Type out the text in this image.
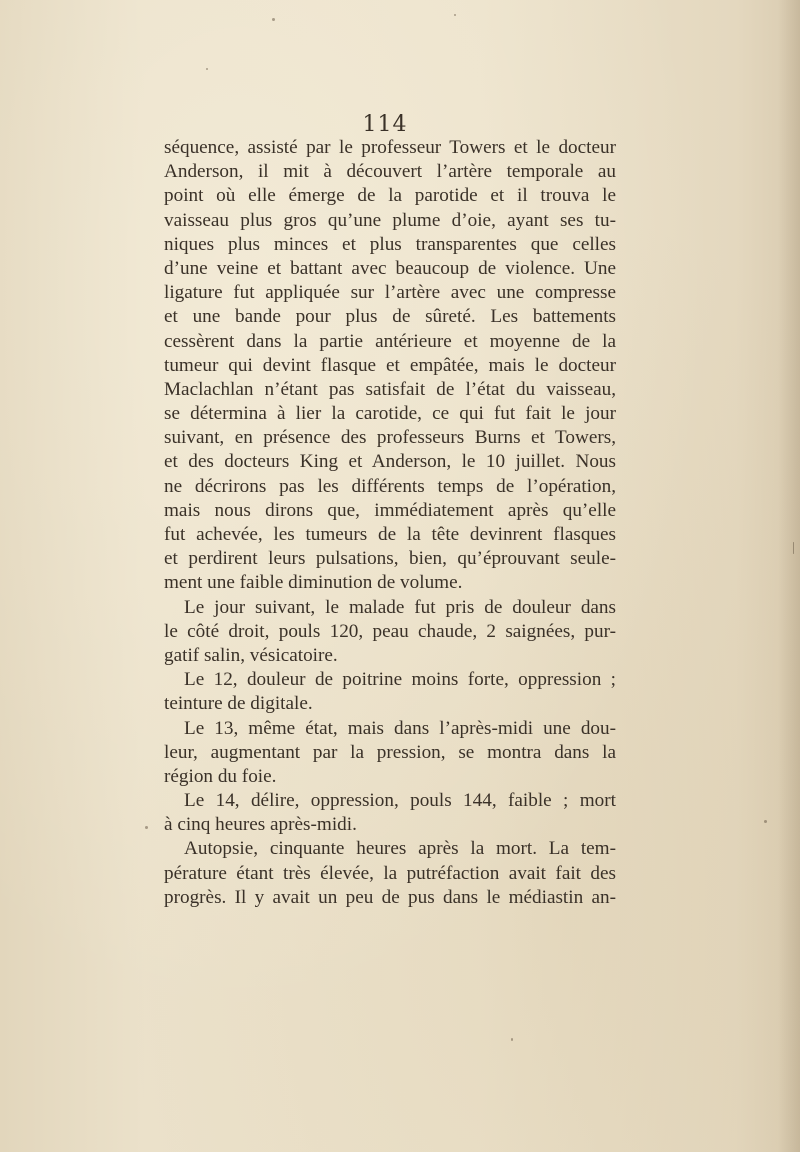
114
séquence, assisté par le professeur Towers et le docteur
Anderson, il mit à découvert l’artère temporale au
point où elle émerge de la parotide et il trouva le
vaisseau plus gros qu’une plume d’oie, ayant ses tu-
niques plus minces et plus transparentes que celles
d’une veine et battant avec beaucoup de violence. Une
ligature fut appliquée sur l’artère avec une compresse
et une bande pour plus de sûreté. Les battements
cessèrent dans la partie antérieure et moyenne de la
tumeur qui devint flasque et empâtée, mais le docteur
Maclachlan n’étant pas satisfait de l’état du vaisseau,
se détermina à lier la carotide, ce qui fut fait le jour
suivant, en présence des professeurs Burns et Towers,
et des docteurs King et Anderson, le 10 juillet. Nous
ne décrirons pas les différents temps de l’opération,
mais nous dirons que, immédiatement après qu’elle
fut achevée, les tumeurs de la tête devinrent flasques
et perdirent leurs pulsations, bien, qu’éprouvant seule-
ment une faible diminution de volume.
Le jour suivant, le malade fut pris de douleur dans
le côté droit, pouls 120, peau chaude, 2 saignées, pur-
gatif salin, vésicatoire.
Le 12, douleur de poitrine moins forte, oppression ;
teinture de digitale.
Le 13, même état, mais dans l’après-midi une dou-
leur, augmentant par la pression, se montra dans la
région du foie.
Le 14, délire, oppression, pouls 144, faible ; mort
à cinq heures après-midi.
Autopsie, cinquante heures après la mort. La tem-
pérature étant très élevée, la putréfaction avait fait des
progrès. Il y avait un peu de pus dans le médiastin an-
